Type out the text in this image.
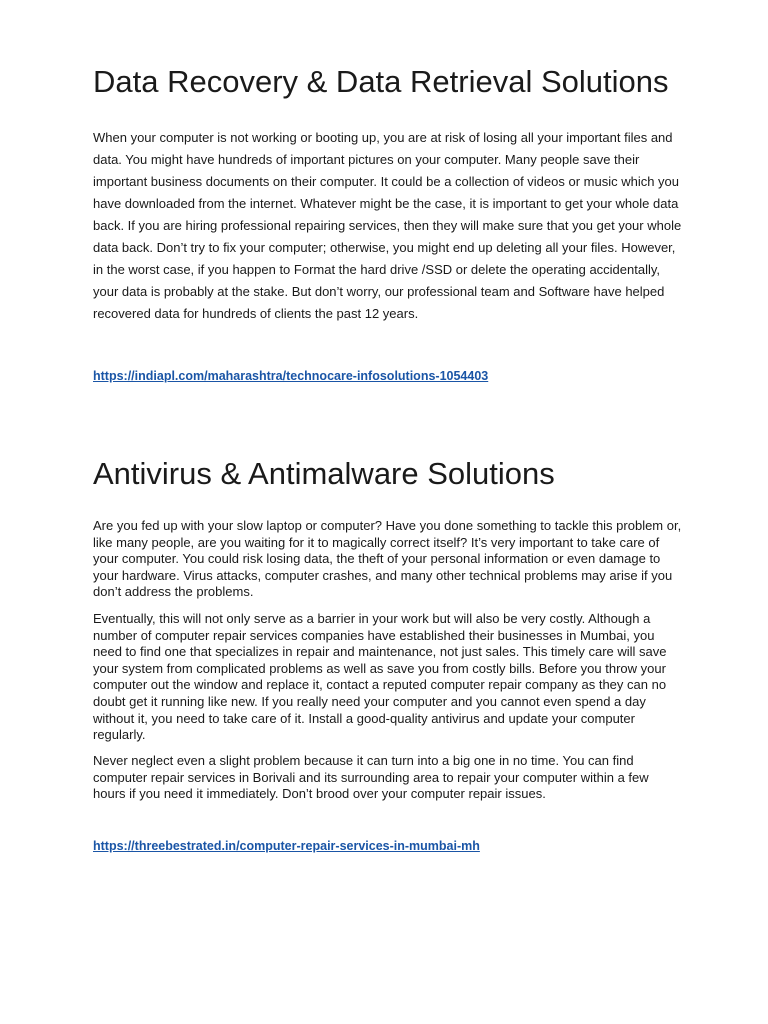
Data Recovery & Data Retrieval Solutions

When your computer is not working or booting up, you are at risk of losing all your important files and data. You might have hundreds of important pictures on your computer. Many people save their important business documents on their computer. It could be a collection of videos or music which you have downloaded from the internet. Whatever might be the case, it is important to get your whole data back. If you are hiring professional repairing services, then they will make sure that you get your whole data back. Don’t try to fix your computer; otherwise, you might end up deleting all your files. However, in the worst case, if you happen to Format the hard drive /SSD or delete the operating accidentally, your data is probably at the stake. But don’t worry, our professional team and Software have helped recovered data for hundreds of clients the past 12 years.

https://indiapl.com/maharashtra/technocare-infosolutions-1054403
Antivirus & Antimalware Solutions

Are you fed up with your slow laptop or computer? Have you done something to tackle this problem or, like many people, are you waiting for it to magically correct itself? It’s very important to take care of your computer. You could risk losing data, the theft of your personal information or even damage to your hardware. Virus attacks, computer crashes, and many other technical problems may arise if you don’t address the problems.

Eventually, this will not only serve as a barrier in your work but will also be very costly. Although a number of computer repair services companies have established their businesses in Mumbai, you need to find one that specializes in repair and maintenance, not just sales. This timely care will save your system from complicated problems as well as save you from costly bills. Before you throw your computer out the window and replace it, contact a reputed computer repair company as they can no doubt get it running like new. If you really need your computer and you cannot even spend a day without it, you need to take care of it. Install a good-quality antivirus and update your computer regularly.

Never neglect even a slight problem because it can turn into a big one in no time. You can find computer repair services in Borivali and its surrounding area to repair your computer within a few hours if you need it immediately. Don’t brood over your computer repair issues.

https://threebestrated.in/computer-repair-services-in-mumbai-mh
